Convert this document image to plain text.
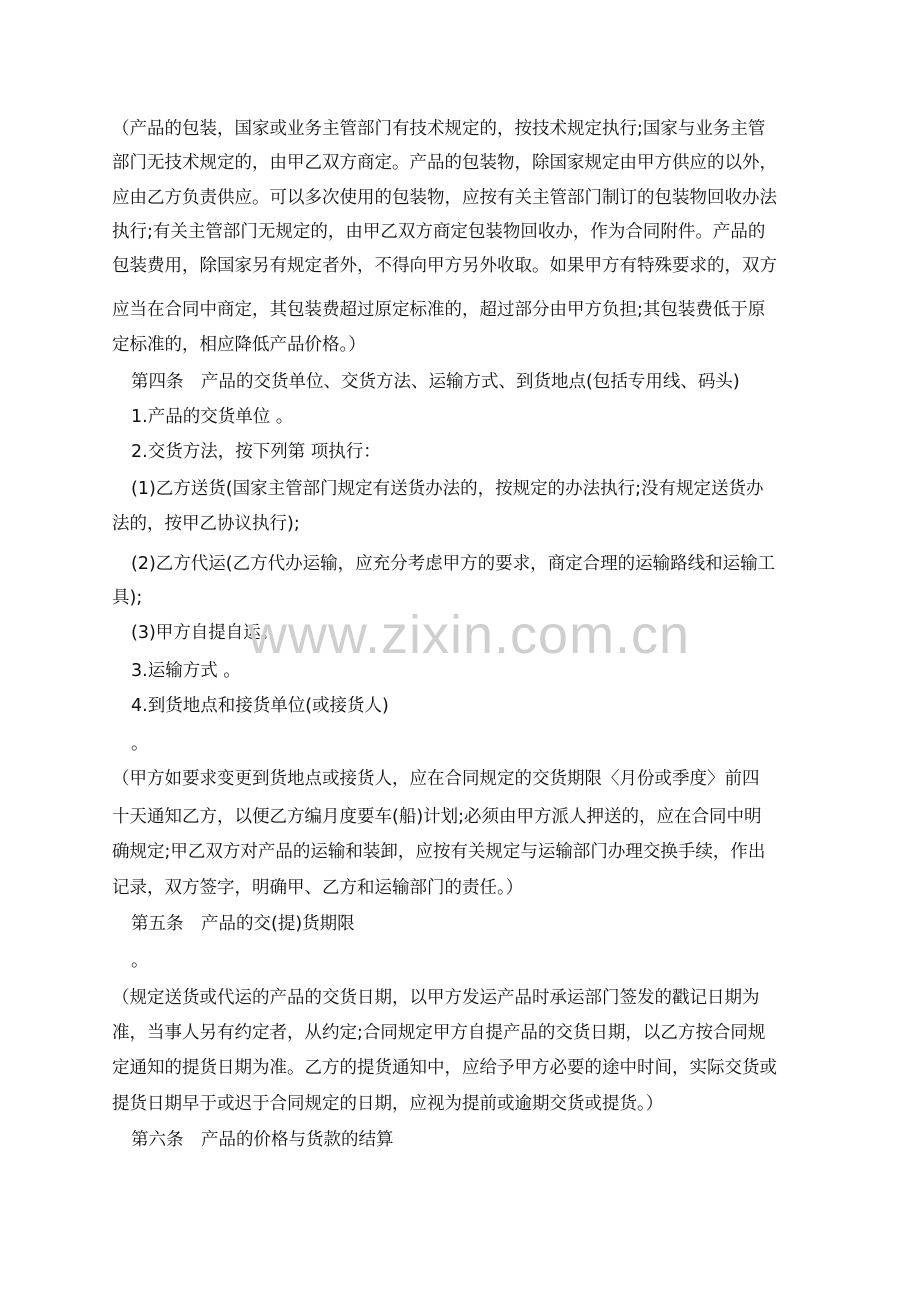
（产品的包装，国家或业务主管部门有技术规定的，按技术规定执行;国家与业务主管
部门无技术规定的，由甲乙双方商定。产品的包装物，除国家规定由甲方供应的以外，
应由乙方负责供应。可以多次使用的包装物，应按有关主管部门制订的包装物回收办法
执行;有关主管部门无规定的，由甲乙双方商定包装物回收办，作为合同附件。产品的
包装费用，除国家另有规定者外，不得向甲方另外收取。如果甲方有特殊要求的，双方
应当在合同中商定，其包装费超过原定标准的，超过部分由甲方负担;其包装费低于原
定标准的，相应降低产品价格。）
第四条　产品的交货单位、交货方法、运输方式、到货地点(包括专用线、码头)
1.产品的交货单位 。
2.交货方法，按下列第 项执行：
(1)乙方送货(国家主管部门规定有送货办法的，按规定的办法执行;没有规定送货办
法的，按甲乙协议执行);
(2)乙方代运(乙方代办运输，应充分考虑甲方的要求，商定合理的运输路线和运输工
具);
(3)甲方自提自运。
3.运输方式 。
4.到货地点和接货单位(或接货人)
。
（甲方如要求变更到货地点或接货人，应在合同规定的交货期限〈月份或季度〉前四
十天通知乙方，以便乙方编月度要车(船)计划;必须由甲方派人押送的，应在合同中明
确规定;甲乙双方对产品的运输和装卸，应按有关规定与运输部门办理交换手续，作出
记录，双方签字，明确甲、乙方和运输部门的责任。）
第五条　产品的交(提)货期限
。
（规定送货或代运的产品的交货日期，以甲方发运产品时承运部门签发的戳记日期为
准，当事人另有约定者，从约定;合同规定甲方自提产品的交货日期，以乙方按合同规
定通知的提货日期为准。乙方的提货通知中，应给予甲方必要的途中时间，实际交货或
提货日期早于或迟于合同规定的日期，应视为提前或逾期交货或提货。）
第六条　产品的价格与货款的结算
www.zixin.com.cn
